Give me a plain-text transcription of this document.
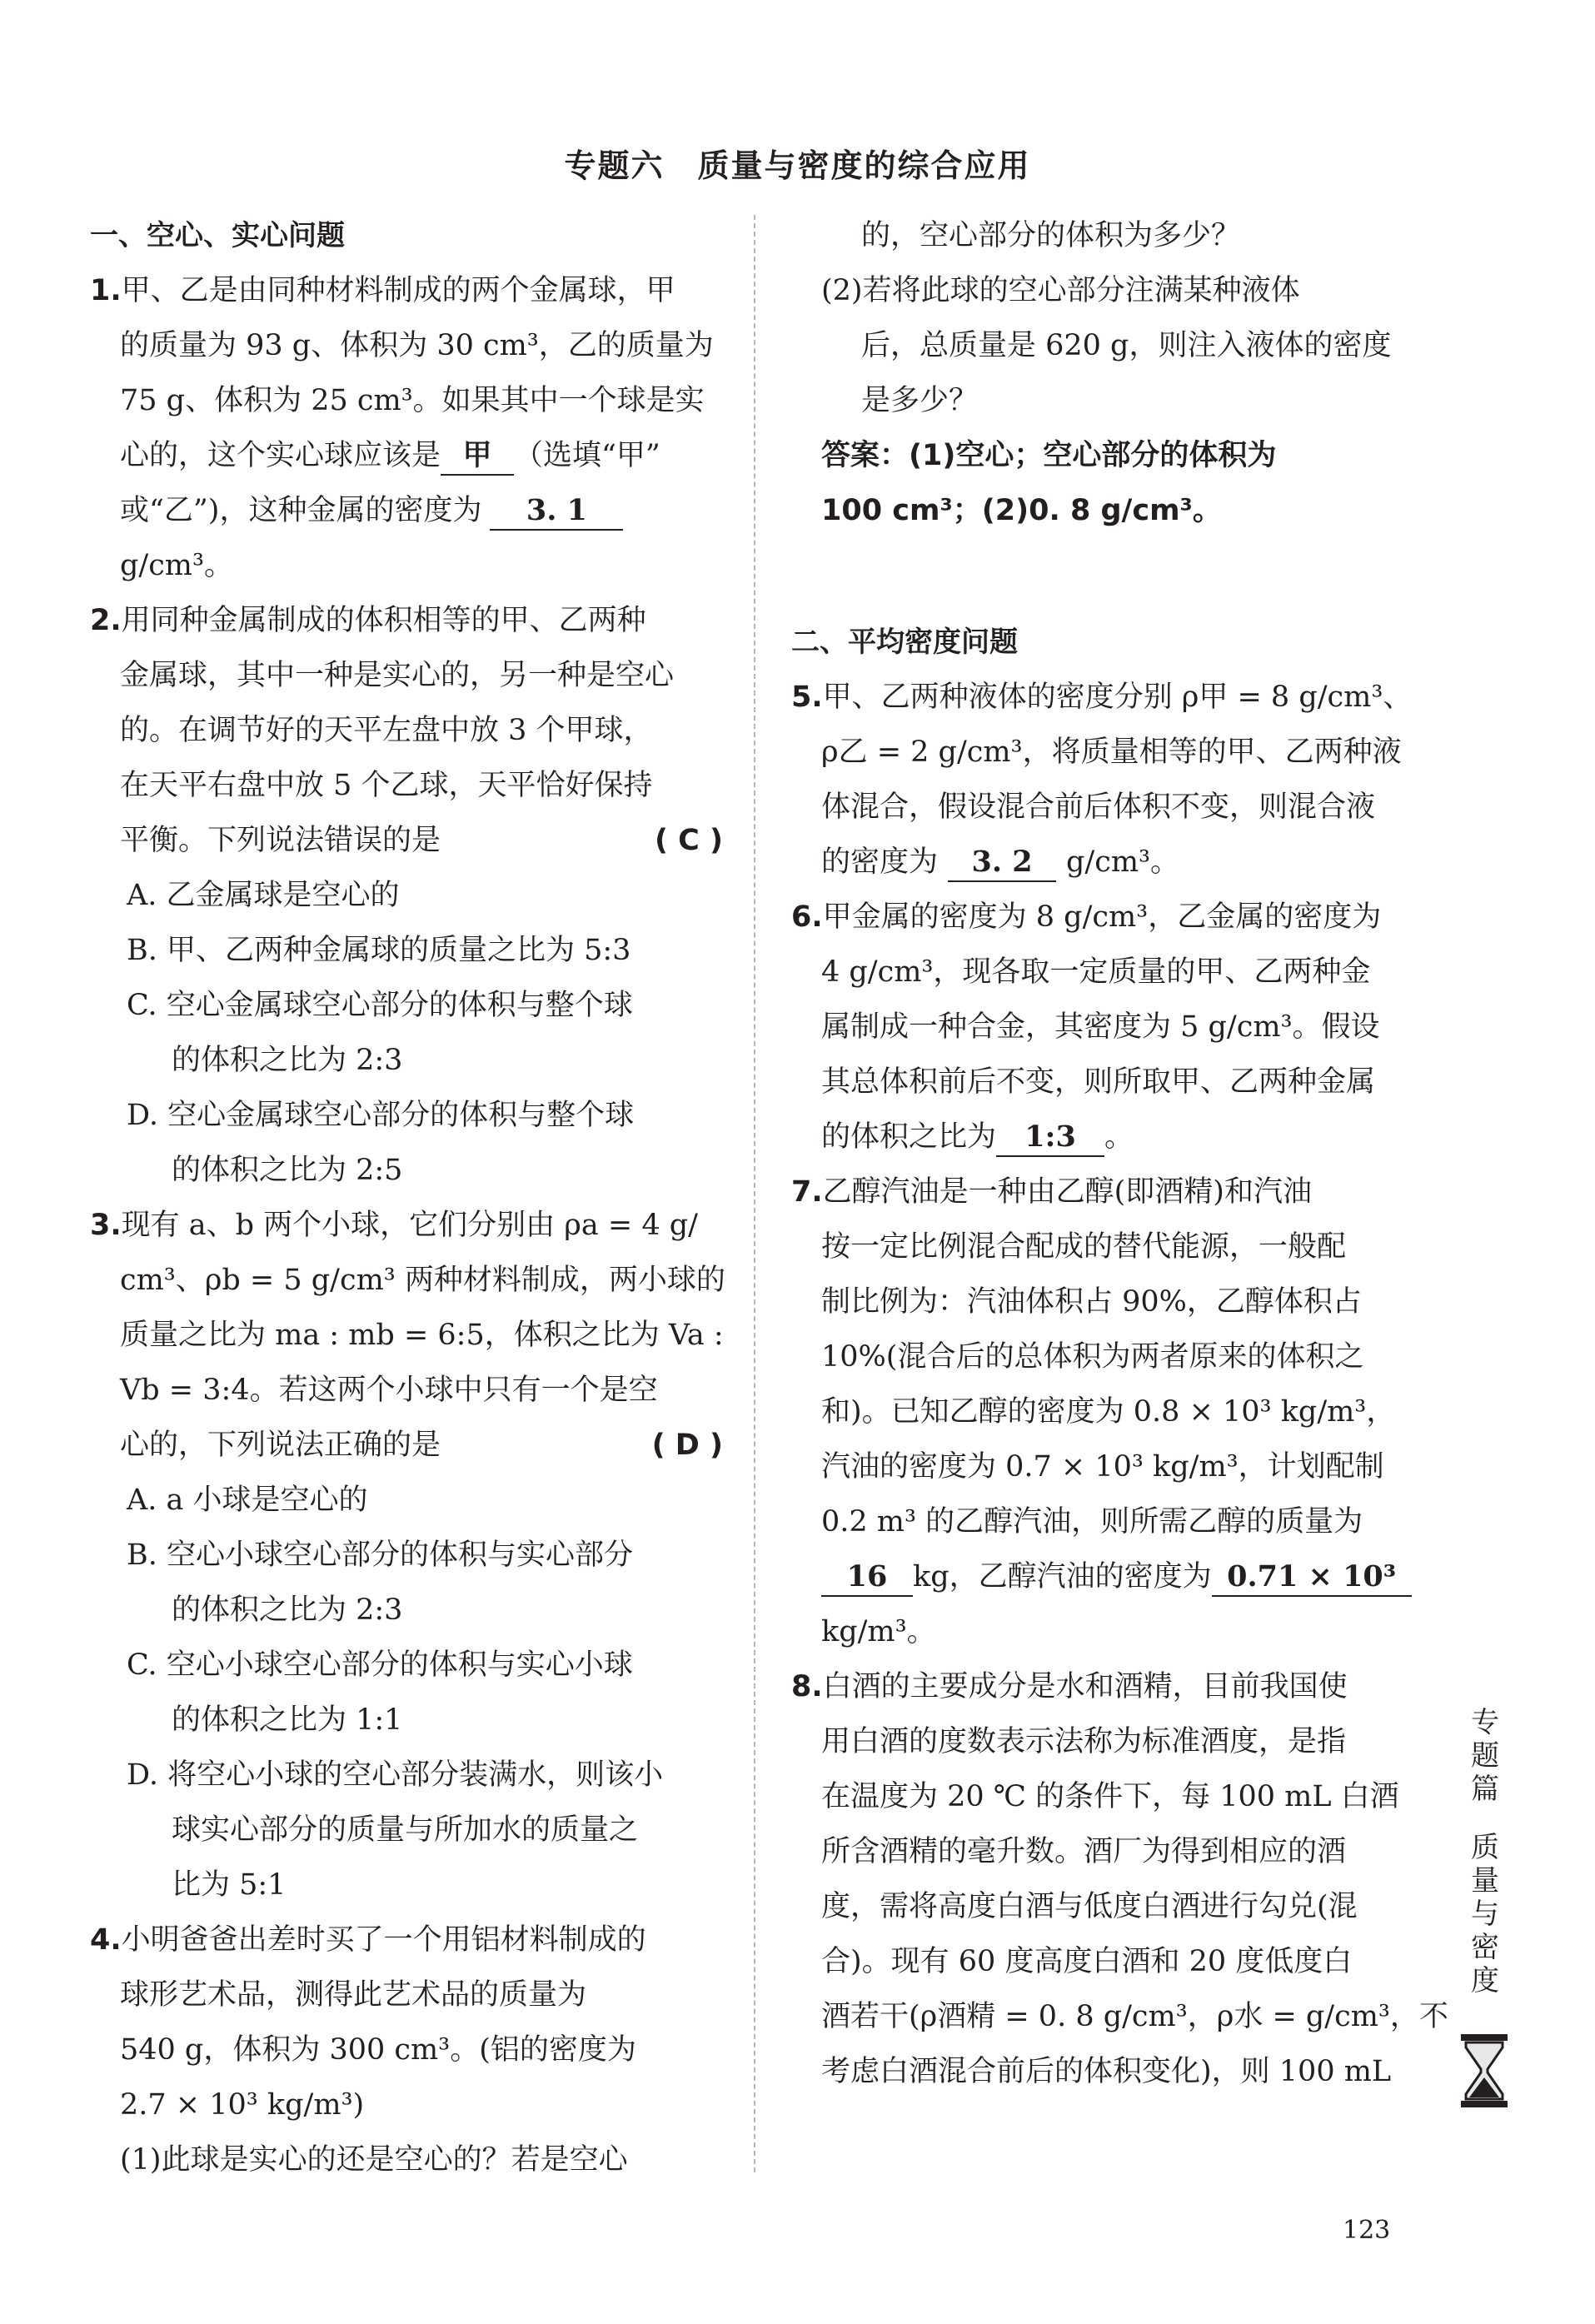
专题六　质量与密度的综合应用
一、空心、实心问题
1.甲、乙是由同种材料制成的两个金属球，甲
的质量为 93 g、体积为 30 cm³，乙的质量为
75 g、体积为 25 cm³。如果其中一个球是实
心的，这个实心球应该是 甲 （选填“甲”
或“乙”)，这种金属的密度为 3. 1
g/cm³。
2.用同种金属制成的体积相等的甲、乙两种
金属球，其中一种是实心的，另一种是空心
的。在调节好的天平左盘中放 3 个甲球，
在天平右盘中放 5 个乙球，天平恰好保持
平衡。下列说法错误的是	( C )
A. 乙金属球是空心的
B. 甲、乙两种金属球的质量之比为 5:3
C. 空心金属球空心部分的体积与整个球
的体积之比为 2:3
D. 空心金属球空心部分的体积与整个球
的体积之比为 2:5
3.现有 a、b 两个小球，它们分别由 ρa = 4 g/
cm³、ρb = 5 g/cm³ 两种材料制成，两小球的
质量之比为 ma : mb = 6:5，体积之比为 Va :
Vb = 3:4。若这两个小球中只有一个是空
心的，下列说法正确的是	( D )
A. a 小球是空心的
B. 空心小球空心部分的体积与实心部分
的体积之比为 2:3
C. 空心小球空心部分的体积与实心小球
的体积之比为 1:1
D. 将空心小球的空心部分装满水，则该小
球实心部分的质量与所加水的质量之
比为 5:1
4.小明爸爸出差时买了一个用铝材料制成的
球形艺术品，测得此艺术品的质量为
540 g，体积为 300 cm³。(铝的密度为
2.7 × 10³ kg/m³)
(1)此球是实心的还是空心的？若是空心
的，空心部分的体积为多少？
(2)若将此球的空心部分注满某种液体
后，总质量是 620 g，则注入液体的密度
是多少？
答案：(1)空心；空心部分的体积为
100 cm³；(2)0. 8 g/cm³。
二、平均密度问题
5.甲、乙两种液体的密度分别 ρ甲 = 8 g/cm³、
ρ乙 = 2 g/cm³，将质量相等的甲、乙两种液
体混合，假设混合前后体积不变，则混合液
的密度为 3. 2 g/cm³。
6.甲金属的密度为 8 g/cm³，乙金属的密度为
4 g/cm³，现各取一定质量的甲、乙两种金
属制成一种合金，其密度为 5 g/cm³。假设
其总体积前后不变，则所取甲、乙两种金属
的体积之比为 1:3 。
7.乙醇汽油是一种由乙醇(即酒精)和汽油
按一定比例混合配成的替代能源，一般配
制比例为：汽油体积占 90%，乙醇体积占
10%(混合后的总体积为两者原来的体积之
和)。已知乙醇的密度为 0.8 × 10³ kg/m³，
汽油的密度为 0.7 × 10³ kg/m³，计划配制
0.2 m³ 的乙醇汽油，则所需乙醇的质量为
16 kg，乙醇汽油的密度为 0.71 × 10³
kg/m³。
8.白酒的主要成分是水和酒精，目前我国使
用白酒的度数表示法称为标准酒度，是指
在温度为 20 ℃ 的条件下，每 100 mL 白酒
所含酒精的毫升数。酒厂为得到相应的酒
度，需将高度白酒与低度白酒进行勾兑(混
合)。现有 60 度高度白酒和 20 度低度白
酒若干(ρ酒精 = 0. 8 g/cm³，ρ水 = g/cm³，不
考虑白酒混合前后的体积变化)，则 100 mL
专
题
篇
质
量
与
密
度
123
